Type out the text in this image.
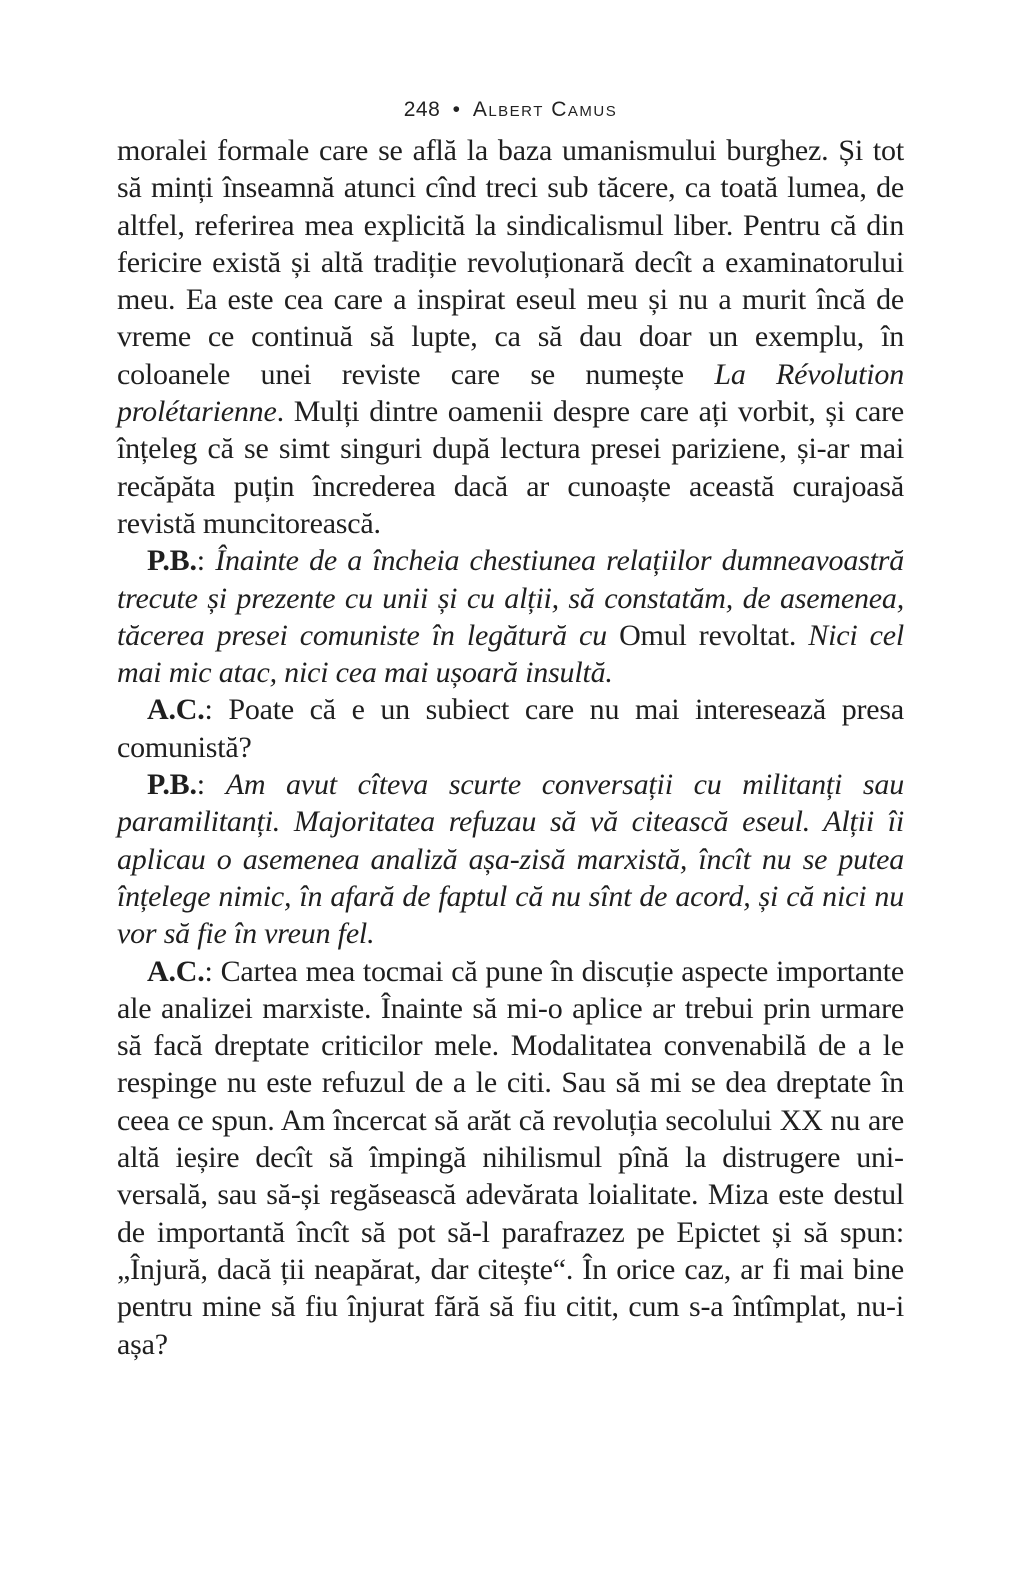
248 • Albert Camus

moralei formale care se află la baza umanismului burghez. Și tot să minți înseamnă atunci cînd treci sub tăcere, ca toată lumea, de altfel, referirea mea explicită la sindicalismul liber. Pentru că din fericire există și altă tradiție revoluționară decît a examinatorului meu. Ea este cea care a inspirat eseul meu și nu a murit încă de vreme ce continuă să lupte, ca să dau doar un exemplu, în coloanele unei reviste care se numește La Révolution prolétarienne. Mulți dintre oamenii despre care ați vorbit, și care înțeleg că se simt singuri după lectura presei pariziene, și-ar mai recăpăta puțin încrederea dacă ar cunoaște această curajoasă revistă muncitorească.

P.B.: Înainte de a încheia chestiunea relațiilor dumneavoastră trecute și prezente cu unii și cu alții, să constatăm, de asemenea, tăcerea presei comuniste în legătură cu Omul revoltat. Nici cel mai mic atac, nici cea mai ușoară insultă.

A.C.: Poate că e un subiect care nu mai interesează presa comunistă?

P.B.: Am avut cîteva scurte conversații cu militanți sau paramilitanți. Majoritatea refuzau să vă citească eseul. Alții îi aplicau o asemenea analiză așa-zisă marxistă, încît nu se putea înțelege nimic, în afară de faptul că nu sînt de acord, și că nici nu vor să fie în vreun fel.

A.C.: Cartea mea tocmai că pune în discuție aspecte importante ale analizei marxiste. Înainte să mi-o aplice ar trebui prin urmare să facă dreptate criticilor mele. Modalitatea convenabilă de a le respinge nu este refuzul de a le citi. Sau să mi se dea dreptate în ceea ce spun. Am încercat să arăt că revoluția secolului XX nu are altă ieșire decît să împingă nihilismul pînă la distrugere universală, sau să-și regăsească adevărata loialitate. Miza este destul de importantă încît să pot să-l parafrazez pe Epictet și să spun: „Înjură, dacă ții neapărat, dar citește“. În orice caz, ar fi mai bine pentru mine să fiu înjurat fără să fiu citit, cum s-a întîmplat, nu-i așa?
